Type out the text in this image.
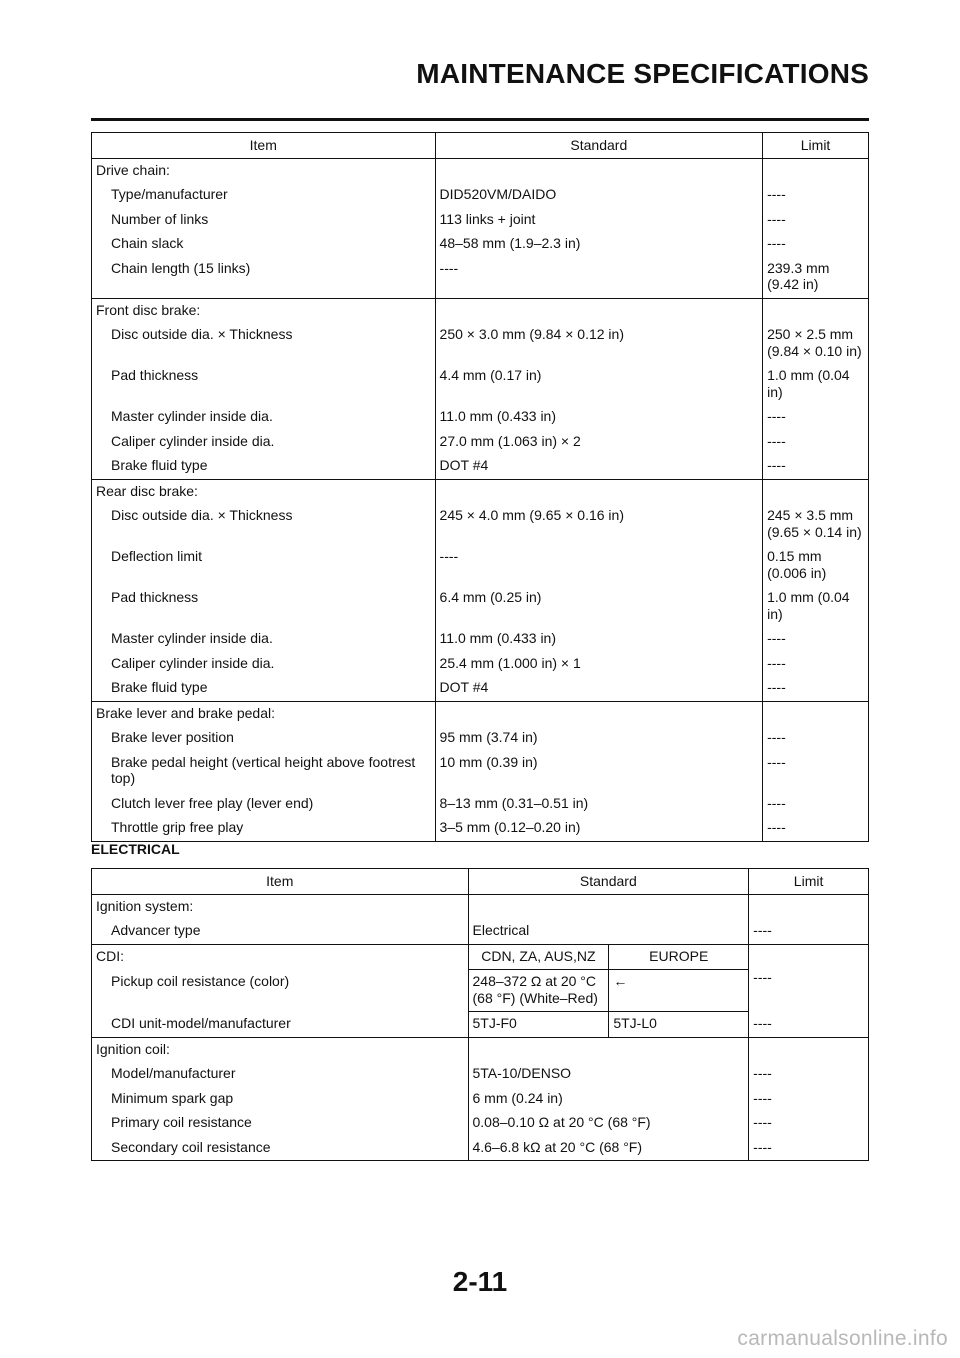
MAINTENANCE SPECIFICATIONS
Item	Standard	Limit
Drive chain:		
Type/manufacturer	DID520VM/DAIDO	----
Number of links	113 links + joint	----
Chain slack	48–58 mm (1.9–2.3 in)	----
Chain length (15 links)	----	239.3 mm (9.42 in)
Front disc brake:		
Disc outside dia. × Thickness	250 × 3.0 mm (9.84 × 0.12 in)	250 × 2.5 mm (9.84 × 0.10 in)
Pad thickness	4.4 mm (0.17 in)	1.0 mm (0.04 in)
Master cylinder inside dia.	11.0 mm (0.433 in)	----
Caliper cylinder inside dia.	27.0 mm (1.063 in) × 2	----
Brake fluid type	DOT #4	----
Rear disc brake:		
Disc outside dia. × Thickness	245 × 4.0 mm (9.65 × 0.16 in)	245 × 3.5 mm (9.65 × 0.14 in)
Deflection limit	----	0.15 mm (0.006 in)
Pad thickness	6.4 mm (0.25 in)	1.0 mm (0.04 in)
Master cylinder inside dia.	11.0 mm (0.433 in)	----
Caliper cylinder inside dia.	25.4 mm (1.000 in) × 1	----
Brake fluid type	DOT #4	----
Brake lever and brake pedal:		
Brake lever position	95 mm (3.74 in)	----
Brake pedal height (vertical height above footrest top)	10 mm (0.39 in)	----
Clutch lever free play (lever end)	8–13 mm (0.31–0.51 in)	----
Throttle grip free play	3–5 mm (0.12–0.20 in)	----
ELECTRICAL
Item	Standard		Limit
Ignition system:			
Advancer type	Electrical		----
CDI:	CDN, ZA, AUS,NZ	EUROPE	----
Pickup coil resistance (color)	248–372 Ω at 20 °C (68 °F) (White–Red)	←	
CDI unit-model/manufacturer	5TJ-F0	5TJ-L0	----
Ignition coil:			
Model/manufacturer	5TA-10/DENSO		----
Minimum spark gap	6 mm (0.24 in)		----
Primary coil resistance	0.08–0.10 Ω at 20 °C (68 °F)		----
Secondary coil resistance	4.6–6.8 kΩ at 20 °C (68 °F)		----
2-11
carmanualsonline.info
